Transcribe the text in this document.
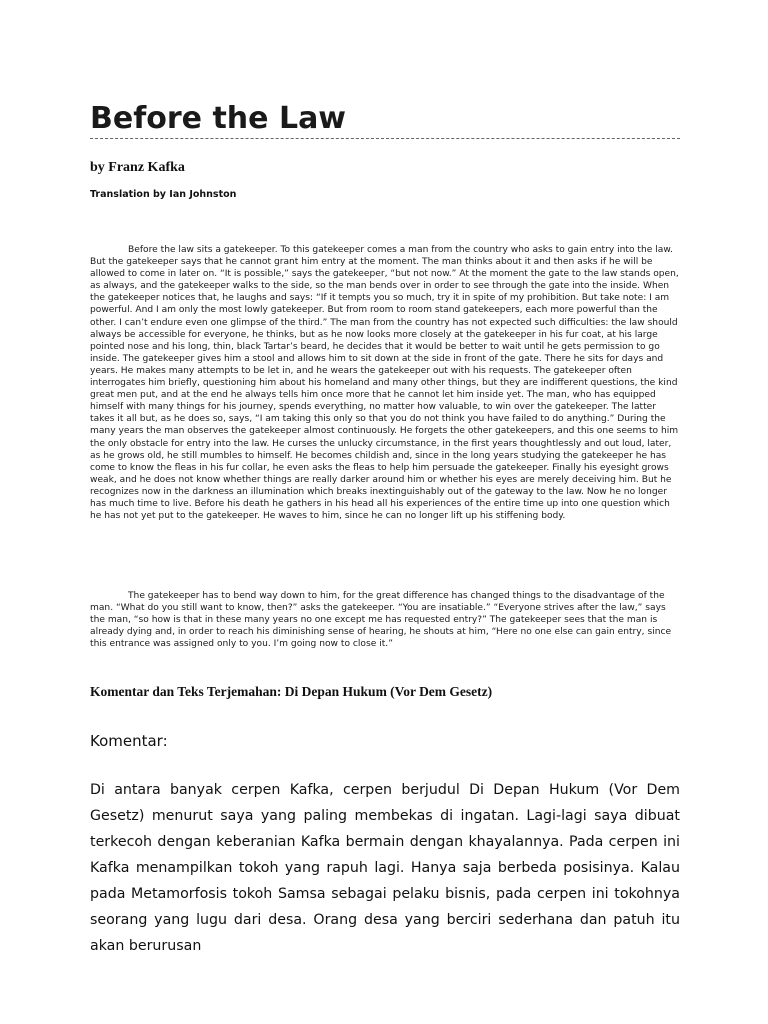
Before the Law
by Franz Kafka
Translation by Ian Johnston

Before the law sits a gatekeeper. To this gatekeeper comes a man from the country who asks to gain entry into the law. But the gatekeeper says that he cannot grant him entry at the moment. The man thinks about it and then asks if he will be allowed to come in later on. “It is possible,” says the gatekeeper, “but not now.” At the moment the gate to the law stands open, as always, and the gatekeeper walks to the side, so the man bends over in order to see through the gate into the inside. When the gatekeeper notices that, he laughs and says: “If it tempts you so much, try it in spite of my prohibition. But take note: I am powerful. And I am only the most lowly gatekeeper. But from room to room stand gatekeepers, each more powerful than the other. I can’t endure even one glimpse of the third.” The man from the country has not expected such difficulties: the law should always be accessible for everyone, he thinks, but as he now looks more closely at the gatekeeper in his fur coat, at his large pointed nose and his long, thin, black Tartar’s beard, he decides that it would be better to wait until he gets permission to go inside. The gatekeeper gives him a stool and allows him to sit down at the side in front of the gate. There he sits for days and years. He makes many attempts to be let in, and he wears the gatekeeper out with his requests. The gatekeeper often interrogates him briefly, questioning him about his homeland and many other things, but they are indifferent questions, the kind great men put, and at the end he always tells him once more that he cannot let him inside yet. The man, who has equipped himself with many things for his journey, spends everything, no matter how valuable, to win over the gatekeeper. The latter takes it all but, as he does so, says, “I am taking this only so that you do not think you have failed to do anything.” During the many years the man observes the gatekeeper almost continuously. He forgets the other gatekeepers, and this one seems to him the only obstacle for entry into the law. He curses the unlucky circumstance, in the first years thoughtlessly and out loud, later, as he grows old, he still mumbles to himself. He becomes childish and, since in the long years studying the gatekeeper he has come to know the fleas in his fur collar, he even asks the fleas to help him persuade the gatekeeper. Finally his eyesight grows weak, and he does not know whether things are really darker around him or whether his eyes are merely deceiving him. But he recognizes now in the darkness an illumination which breaks inextinguishably out of the gateway to the law. Now he no longer has much time to live. Before his death he gathers in his head all his experiences of the entire time up into one question which he has not yet put to the gatekeeper. He waves to him, since he can no longer lift up his stiffening body.

The gatekeeper has to bend way down to him, for the great difference has changed things to the disadvantage of the man. “What do you still want to know, then?” asks the gatekeeper. “You are insatiable.” “Everyone strives after the law,” says the man, “so how is that in these many years no one except me has requested entry?” The gatekeeper sees that the man is already dying and, in order to reach his diminishing sense of hearing, he shouts at him, “Here no one else can gain entry, since this entrance was assigned only to you. I’m going now to close it.”

Komentar dan Teks Terjemahan: Di Depan Hukum (Vor Dem Gesetz)

Komentar:

Di antara banyak cerpen Kafka, cerpen berjudul Di Depan Hukum (Vor Dem Gesetz) menurut saya yang paling membekas di ingatan. Lagi-lagi saya dibuat terkecoh dengan keberanian Kafka bermain dengan khayalannya. Pada cerpen ini Kafka menampilkan tokoh yang rapuh lagi. Hanya saja berbeda posisinya. Kalau pada Metamorfosis tokoh Samsa sebagai pelaku bisnis, pada cerpen ini tokohnya seorang yang lugu dari desa. Orang desa yang berciri sederhana dan patuh itu akan berurusan
